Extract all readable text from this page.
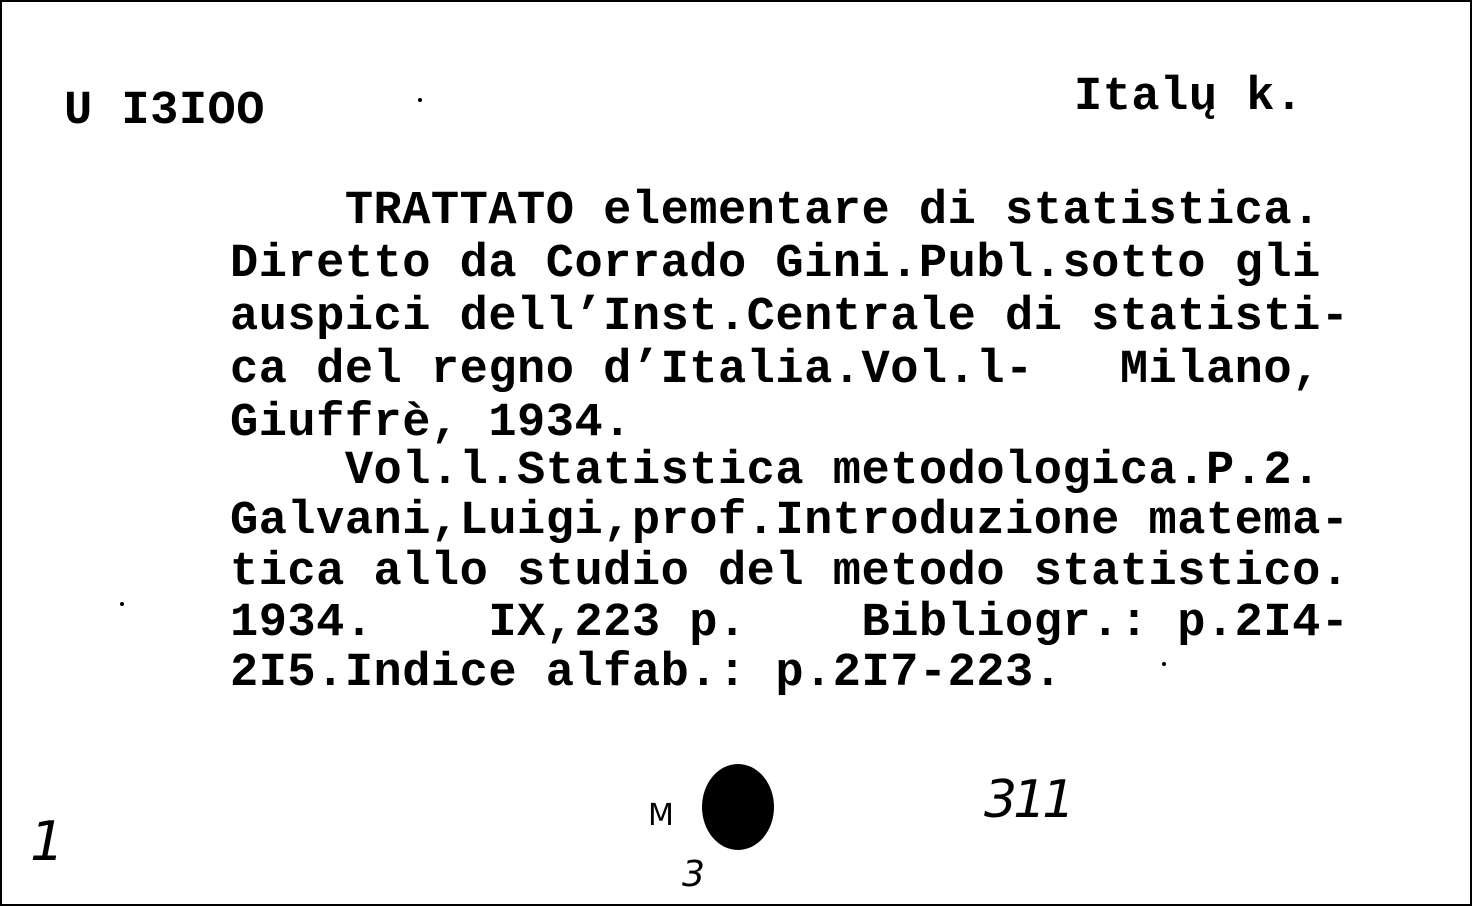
U I3IOO	Italų k.
TRATTATO elementare di statistica.
Diretto da Corrado Gini.Publ.sotto gli
auspici dell’Inst.Centrale di statisti-
ca del regno d’Italia.Vol.l-   Milano,
Giuffrè, 1934.
Vol.l.Statistica metodologica.P.2.
Galvani,Luigi,prof.Introduzione matema-
tica allo studio del metodo statistico.
1934.    IX,223 p.    Bibliogr.: p.2I4-
2I5.Indice alfab.: p.2I7-223.
1	M
3
311
